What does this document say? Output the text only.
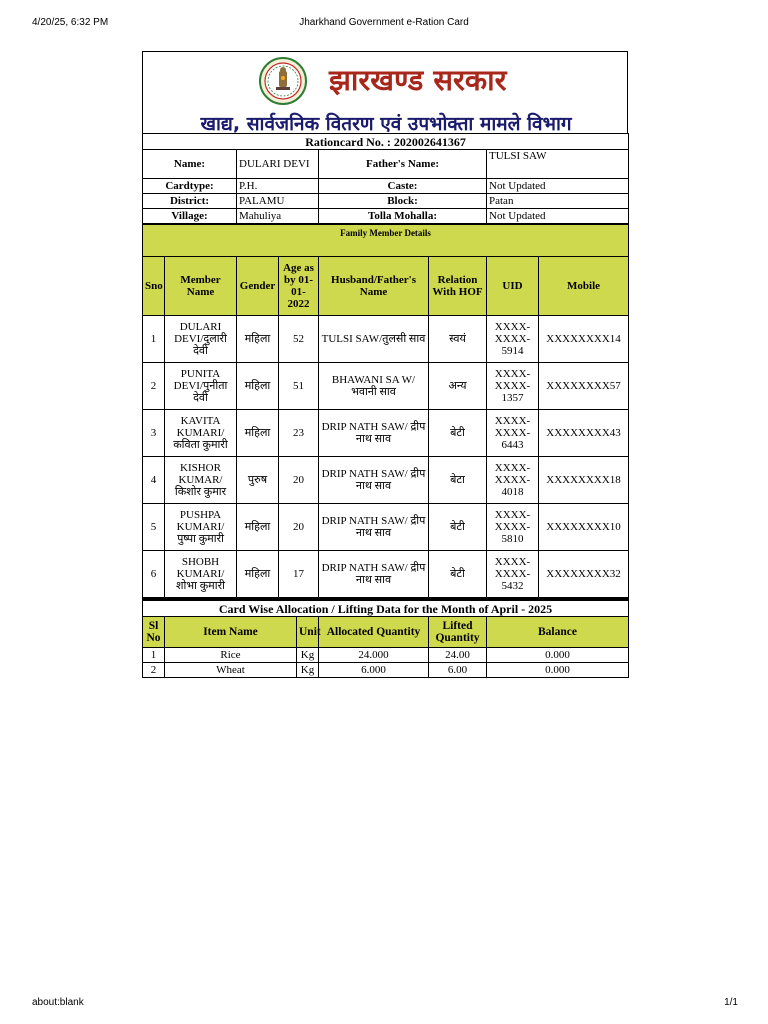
4/20/25, 6:32 PM	Jharkhand Government e-Ration Card
झारखण्ड सरकार
खाद्य, सार्वजनिक वितरण एवं उपभोक्ता मामले विभाग
Rationcard No. : 202002641367			
Name:	DULARI DEVI	Father's Name:	TULSI SAW
Cardtype:	P.H.	Caste:	Not Updated
District:	PALAMU	Block:	Patan
Village:	Mahuliya	Tolla Mohalla:	Not Updated
Family Member Details							
Sno	Member Name	Gender	Age as by 01-01-2022	Husband/Father's Name	Relation With HOF	UID	Mobile
1	DULARI DEVI/दुलारी देवी	महिला	52	TULSI SAW/तुलसी साव	स्वयं	XXXX-XXXX-5914	XXXXXXXX14
2	PUNITA DEVI/पुनीता देवी	महिला	51	BHAWANI SA W/ भवानी साव	अन्य	XXXX-XXXX-1357	XXXXXXXX57
3	KAVITA KUMARI/ कविता कुमारी	महिला	23	DRIP NATH SAW/ द्रीप नाथ साव	बेटी	XXXX-XXXX-6443	XXXXXXXX43
4	KISHOR KUMAR/ किशोर कुमार	पुरुष	20	DRIP NATH SAW/ द्रीप नाथ साव	बेटा	XXXX-XXXX-4018	XXXXXXXX18
5	PUSHPA KUMARI/ पुष्पा कुमारी	महिला	20	DRIP NATH SAW/ द्रीप नाथ साव	बेटी	XXXX-XXXX-5810	XXXXXXXX10
6	SHOBH KUMARI/ शोभा कुमारी	महिला	17	DRIP NATH SAW/ द्रीप नाथ साव	बेटी	XXXX-XXXX-5432	XXXXXXXX32
Card Wise Allocation / Lifting Data for the Month of April - 2025					
Sl No	Item Name	Unit	Allocated Quantity	Lifted Quantity	Balance
1	Rice	Kg	24.000	24.00	0.000
2	Wheat	Kg	6.000	6.00	0.000
about:blank	1/1
